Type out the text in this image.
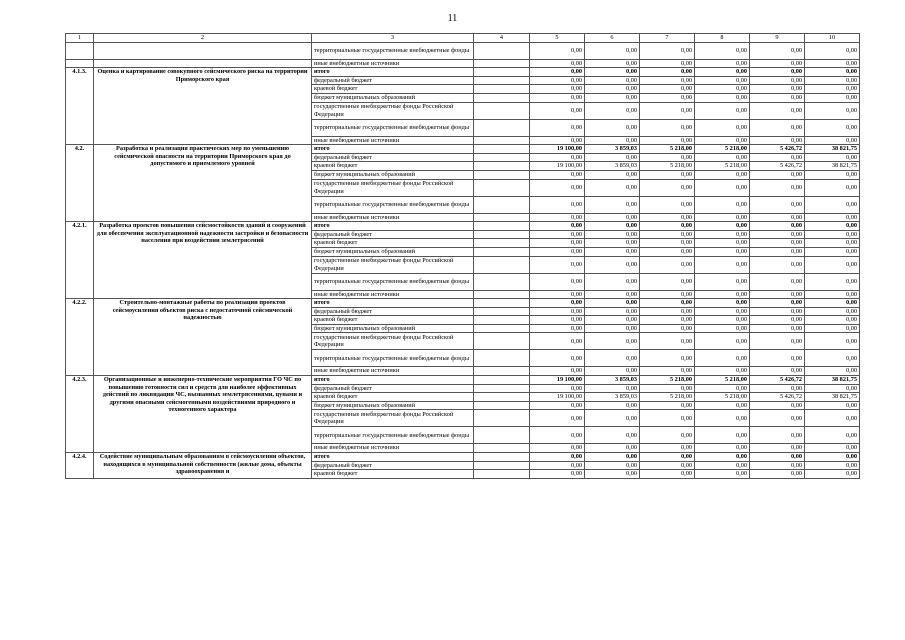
11
1	2	3	4	5	6	7	8	9	10
		территориальные государственные внебюджетные фонды		0,00	0,00	0,00	0,00	0,00	0,00
		иные внебюджетные источники		0,00	0,00	0,00	0,00	0,00	0,00
4.1.3.	Оценка и картирование совокупного сейсмического риска на территории Приморского края	итого		0,00	0,00	0,00	0,00	0,00	0,00
		федеральный бюджет		0,00	0,00	0,00	0,00	0,00	0,00
		краевой бюджет		0,00	0,00	0,00	0,00	0,00	0,00
		бюджет муниципальных образований		0,00	0,00	0,00	0,00	0,00	0,00
		государственные внебюджетные фонды Российской Федерации		0,00	0,00	0,00	0,00	0,00	0,00
		территориальные государственные внебюджетные фонды		0,00	0,00	0,00	0,00	0,00	0,00
		иные внебюджетные источники		0,00	0,00	0,00	0,00	0,00	0,00
4.2.	Разработка и реализация практических мер по уменьшению сейсмической опасности на территории Приморского края до допустимого и приемлемого уровней	итого		19 100,00	3 859,03	5 218,00	5 218,00	5 426,72	38 821,75
		федеральный бюджет		0,00	0,00	0,00	0,00	0,00	0,00
		краевой бюджет		19 100,00	3 859,03	5 218,00	5 218,00	5 426,72	38 821,75
		бюджет муниципальных образований		0,00	0,00	0,00	0,00	0,00	0,00
		государственные внебюджетные фонды Российской Федерации		0,00	0,00	0,00	0,00	0,00	0,00
		территориальные государственные внебюджетные фонды		0,00	0,00	0,00	0,00	0,00	0,00
		иные внебюджетные источники		0,00	0,00	0,00	0,00	0,00	0,00
4.2.1.	Разработка проектов повышения сейсмостойкости зданий и сооружений для обеспечения эксплуатационной надежности застройки и безопасности населения при воздействии землетрясений	итого		0,00	0,00	0,00	0,00	0,00	0,00
		федеральный бюджет		0,00	0,00	0,00	0,00	0,00	0,00
		краевой бюджет		0,00	0,00	0,00	0,00	0,00	0,00
		бюджет муниципальных образований		0,00	0,00	0,00	0,00	0,00	0,00
		государственные внебюджетные фонды Российской Федерации		0,00	0,00	0,00	0,00	0,00	0,00
		территориальные государственные внебюджетные фонды		0,00	0,00	0,00	0,00	0,00	0,00
		иные внебюджетные источники		0,00	0,00	0,00	0,00	0,00	0,00
4.2.2.	Строительно-монтажные работы по реализации проектов сейсмоусиления объектов риска с недостаточной сейсмической надежностью	итого		0,00	0,00	0,00	0,00	0,00	0,00
		федеральный бюджет		0,00	0,00	0,00	0,00	0,00	0,00
		краевой бюджет		0,00	0,00	0,00	0,00	0,00	0,00
		бюджет муниципальных образований		0,00	0,00	0,00	0,00	0,00	0,00
		государственные внебюджетные фонды Российской Федерации		0,00	0,00	0,00	0,00	0,00	0,00
		территориальные государственные внебюджетные фонды		0,00	0,00	0,00	0,00	0,00	0,00
		иные внебюджетные источники		0,00	0,00	0,00	0,00	0,00	0,00
4.2.3.	Организационные и инженерно-технические мероприятия ГО ЧС по повышению готовности сил и средств для наиболее эффективных действий по ликвидации ЧС, вызванных землетрясениями, цунами и другими опасными сейсмогенными воздействиями природного и техногенного характера	итого		19 100,00	3 859,03	5 218,00	5 218,00	5 426,72	38 821,75
		федеральный бюджет		0,00	0,00	0,00	0,00	0,00	0,00
		краевой бюджет		19 100,00	3 859,03	5 218,00	5 218,00	5 426,72	38 821,75
		бюджет муниципальных образований		0,00	0,00	0,00	0,00	0,00	0,00
		государственные внебюджетные фонды Российской Федерации		0,00	0,00	0,00	0,00	0,00	0,00
		территориальные государственные внебюджетные фонды		0,00	0,00	0,00	0,00	0,00	0,00
		иные внебюджетные источники		0,00	0,00	0,00	0,00	0,00	0,00
4.2.4.	Содействие муниципальным образованиям в сейсмоусилении объектов, находящихся в муниципальной собственности (жилые дома, объекты здравоохранения и	итого		0,00	0,00	0,00	0,00	0,00	0,00
		федеральный бюджет		0,00	0,00	0,00	0,00	0,00	0,00
		краевой бюджет		0,00	0,00	0,00	0,00	0,00	0,00
